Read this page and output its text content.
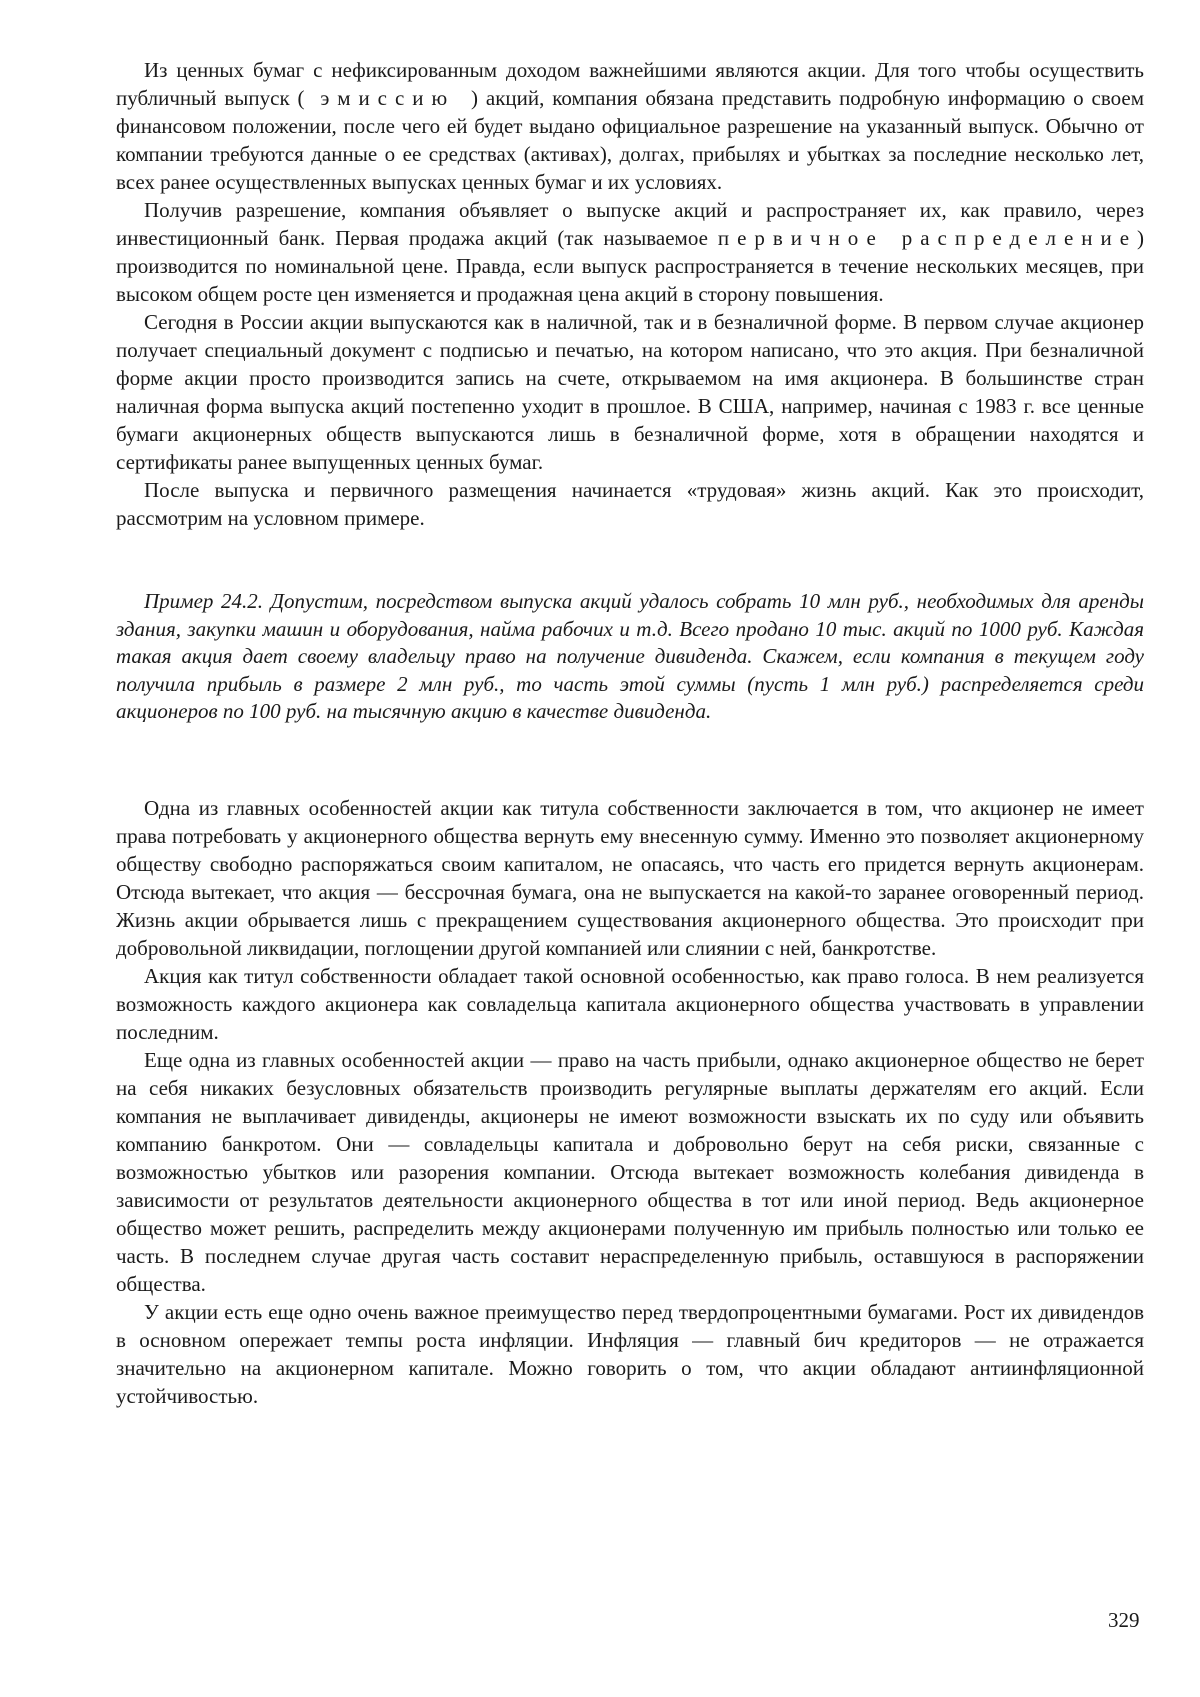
Из ценных бумаг с нефиксированным доходом важнейшими являются акции. Для того чтобы осуществить публичный выпуск ( эмиссию ) акций, компания обязана представить подробную информацию о своем финансовом положении, после чего ей будет выдано официальное разрешение на указанный выпуск. Обычно от компании требуются данные о ее средствах (активах), долгах, прибылях и убытках за последние несколько лет, всех ранее осуществленных выпусках ценных бумаг и их условиях.

Получив разрешение, компания объявляет о выпуске акций и распространяет их, как правило, через инвестиционный банк. Первая продажа акций (так называемое первичное распределение) производится по номинальной цене. Правда, если выпуск распространяется в течение нескольких месяцев, при высоком общем росте цен изменяется и продажная цена акций в сторону повышения.

Сегодня в России акции выпускаются как в наличной, так и в безналичной форме. В первом случае акционер получает специальный документ с подписью и печатью, на котором написано, что это акция. При безналичной форме акции просто производится запись на счете, открываемом на имя акционера. В большинстве стран наличная форма выпуска акций постепенно уходит в прошлое. В США, например, начиная с 1983 г. все ценные бумаги акционерных обществ выпускаются лишь в безналичной форме, хотя в обращении находятся и сертификаты ранее выпущенных ценных бумаг.

После выпуска и первичного размещения начинается «трудовая» жизнь акций. Как это происходит, рассмотрим на условном примере.

Пример 24.2. Допустим, посредством выпуска акций удалось собрать 10 млн руб., необходимых для аренды здания, закупки машин и оборудования, найма рабочих и т.д. Всего продано 10 тыс. акций по 1000 руб. Каждая такая акция дает своему владельцу право на получение дивиденда. Скажем, если компания в текущем году получила прибыль в размере 2 млн руб., то часть этой суммы (пусть 1 млн руб.) распределяется среди акционеров по 100 руб. на тысячную акцию в качестве дивиденда.

Одна из главных особенностей акции как титула собственности заключается в том, что акционер не имеет права потребовать у акционерного общества вернуть ему внесенную сумму. Именно это позволяет акционерному обществу свободно распоряжаться своим капиталом, не опасаясь, что часть его придется вернуть акционерам. Отсюда вытекает, что акция — бессрочная бумага, она не выпускается на какой-то заранее оговоренный период. Жизнь акции обрывается лишь с прекращением существования акционерного общества. Это происходит при добровольной ликвидации, поглощении другой компанией или слиянии с ней, банкротстве.

Акция как титул собственности обладает такой основной особенностью, как право голоса. В нем реализуется возможность каждого акционера как совладельца капитала акционерного общества участвовать в управлении последним.

Еще одна из главных особенностей акции — право на часть прибыли, однако акционерное общество не берет на себя никаких безусловных обязательств производить регулярные выплаты держателям его акций. Если компания не выплачивает дивиденды, акционеры не имеют возможности взыскать их по суду или объявить компанию банкротом. Они — совладельцы капитала и добровольно берут на себя риски, связанные с возможностью убытков или разорения компании. Отсюда вытекает возможность колебания дивиденда в зависимости от результатов деятельности акционерного общества в тот или иной период. Ведь акционерное общество может решить, распределить между акционерами полученную им прибыль полностью или только ее часть. В последнем случае другая часть составит нераспределенную прибыль, оставшуюся в распоряжении общества.

У акции есть еще одно очень важное преимущество перед твердопроцентными бумагами. Рост их дивидендов в основном опережает темпы роста инфляции. Инфляция — главный бич кредиторов — не отражается значительно на акционерном капитале. Можно говорить о том, что акции обладают антиинфляционной устойчивостью.

329
